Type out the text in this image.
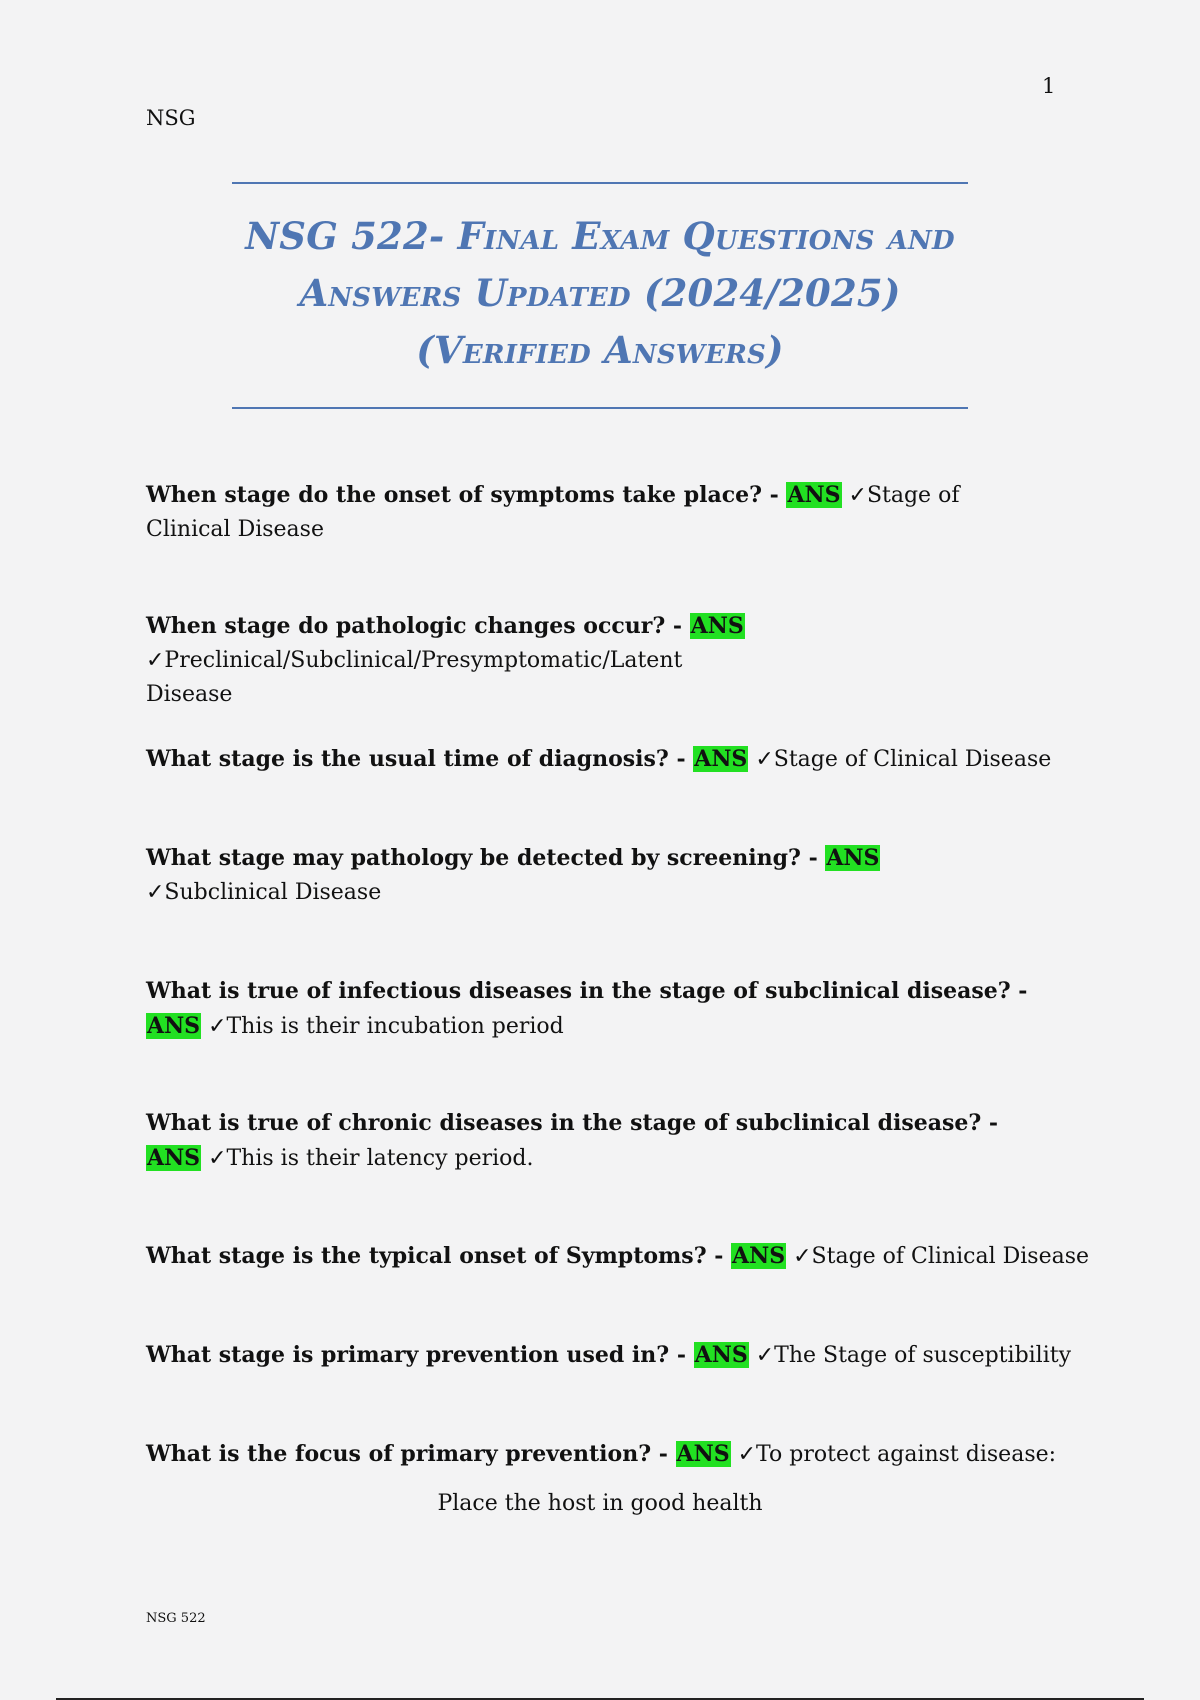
1
NSG
NSG 522- Final Exam Questions and
Answers Updated (2024/2025)
(Verified Answers)
When stage do the onset of symptoms take place? - ANS ✓Stage of Clinical Disease
When stage do pathologic changes occur? - ANS ✓Preclinical/Subclinical/Presymptomatic/Latent Disease
What stage is the usual time of diagnosis? - ANS ✓Stage of Clinical Disease
What stage may pathology be detected by screening? - ANS ✓Subclinical Disease
What is true of infectious diseases in the stage of subclinical disease? - ANS ✓This is their incubation period
What is true of chronic diseases in the stage of subclinical disease? - ANS ✓This is their latency period.
What stage is the typical onset of Symptoms? - ANS ✓Stage of Clinical Disease
What stage is primary prevention used in? - ANS ✓The Stage of susceptibility
What is the focus of primary prevention? - ANS ✓To protect against disease:
Place the host in good health
NSG 522
